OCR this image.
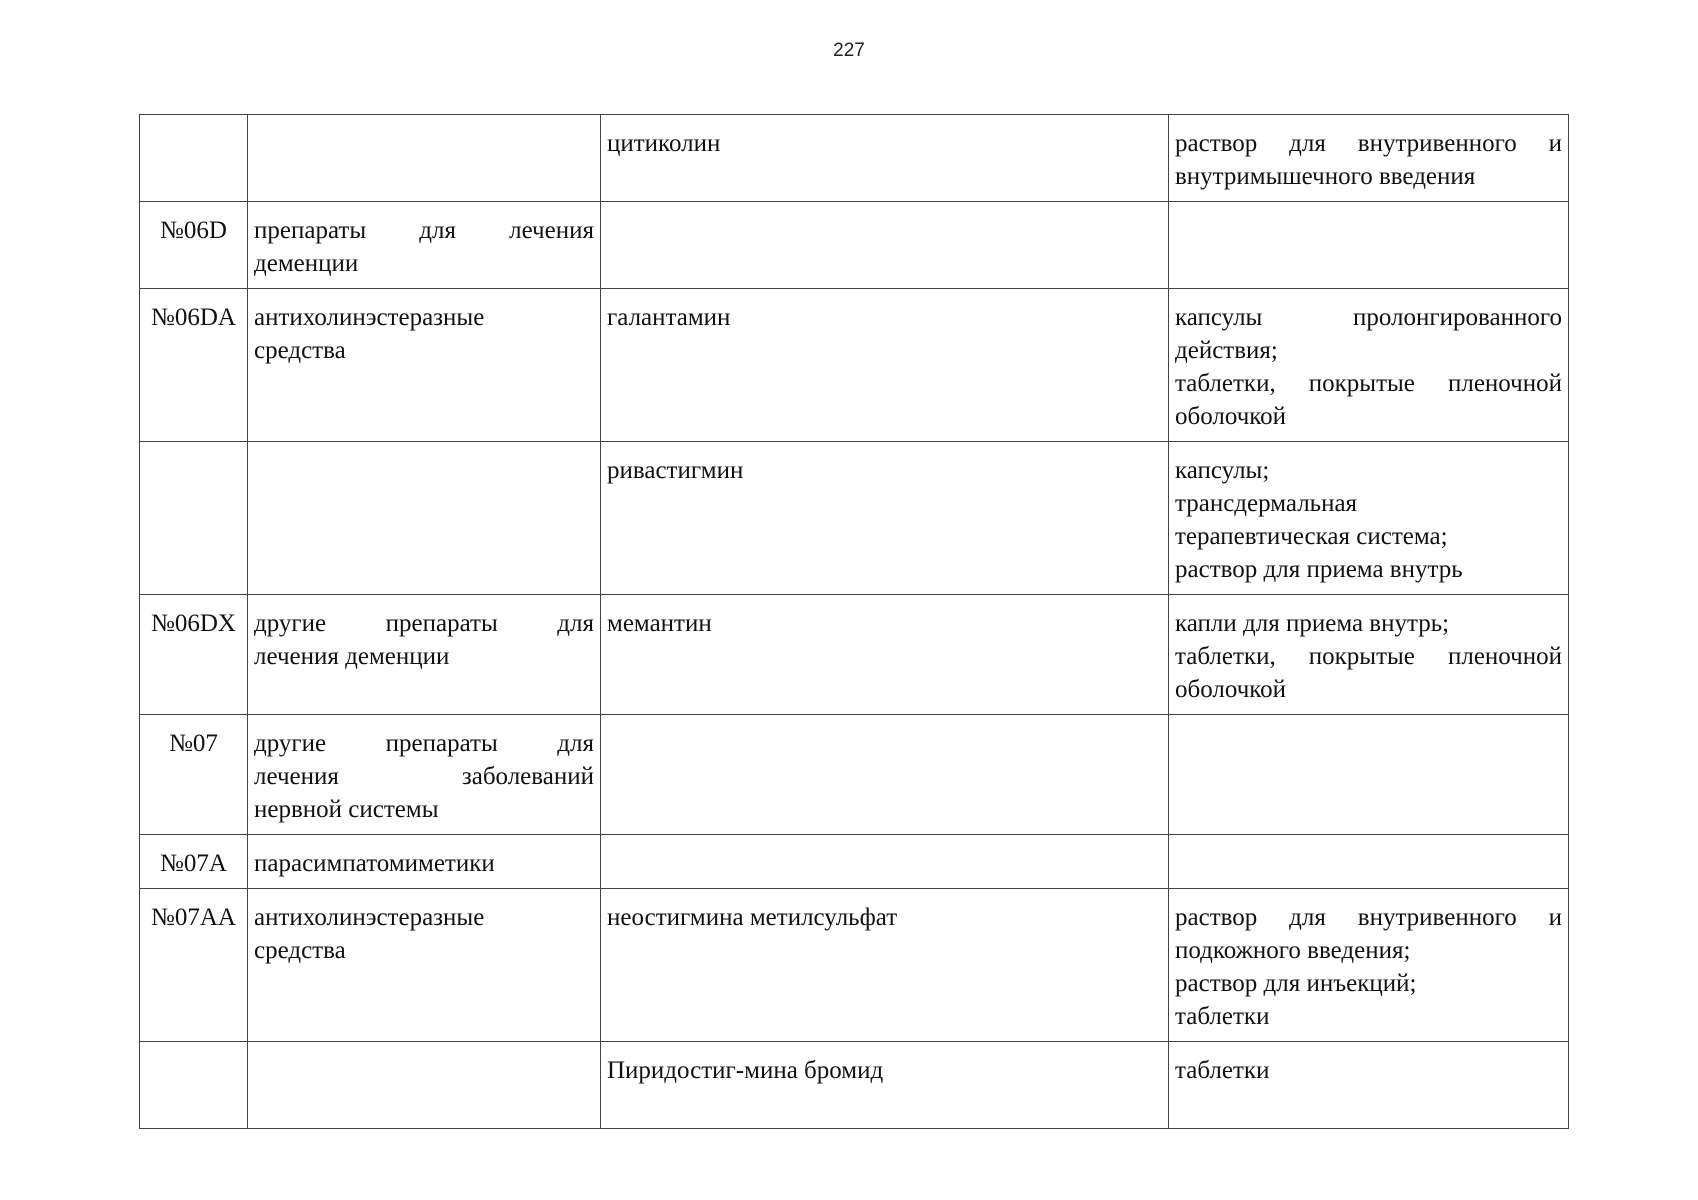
227
		цитиколин	раствор для внутривенного и
внутримышечного введения

№06D	препараты для лечения
деменции		

№06DA	антихолинэстеразные
средства	галантамин	капсулы пролонгированного
действия;
таблетки, покрытые пленочной
оболочкой

		ривастигмин	капсулы;
трансдермальная
терапевтическая система;
раствор для приема внутрь

№06DX	другие препараты для
лечения деменции	мемантин	капли для приема внутрь;
таблетки, покрытые пленочной
оболочкой

№07	другие препараты для
лечения заболеваний
нервной системы		

№07A	парасимпатомиметики		

№07AA	антихолинэстеразные
средства	неостигмина метилсульфат	раствор для внутривенного и
подкожного введения;
раствор для инъекций;
таблетки

		Пиридостиг-мина бромид	таблетки
